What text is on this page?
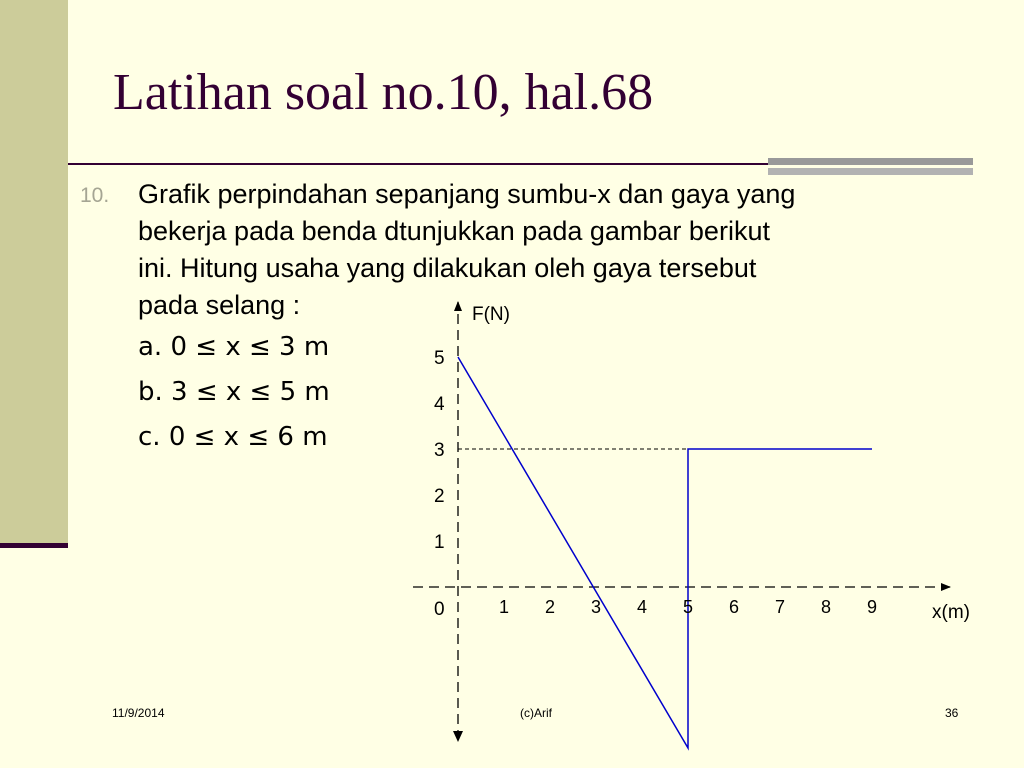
Latihan soal no.10, hal.68
10. Grafik perpindahan sepanjang sumbu-x dan gaya yang
bekerja pada benda dtunjukkan pada gambar berikut
ini. Hitung usaha yang dilakukan oleh gaya tersebut
pada selang :
a. 0 ≤ x ≤ 3 m
b. 3 ≤ x ≤ 5 m
c. 0 ≤ x ≤ 6 m
F(N)
x(m)
0	1 2 3 4 5 6 7 8 9
1
2
3
4
5
11/9/2014	(c)Arif	36
